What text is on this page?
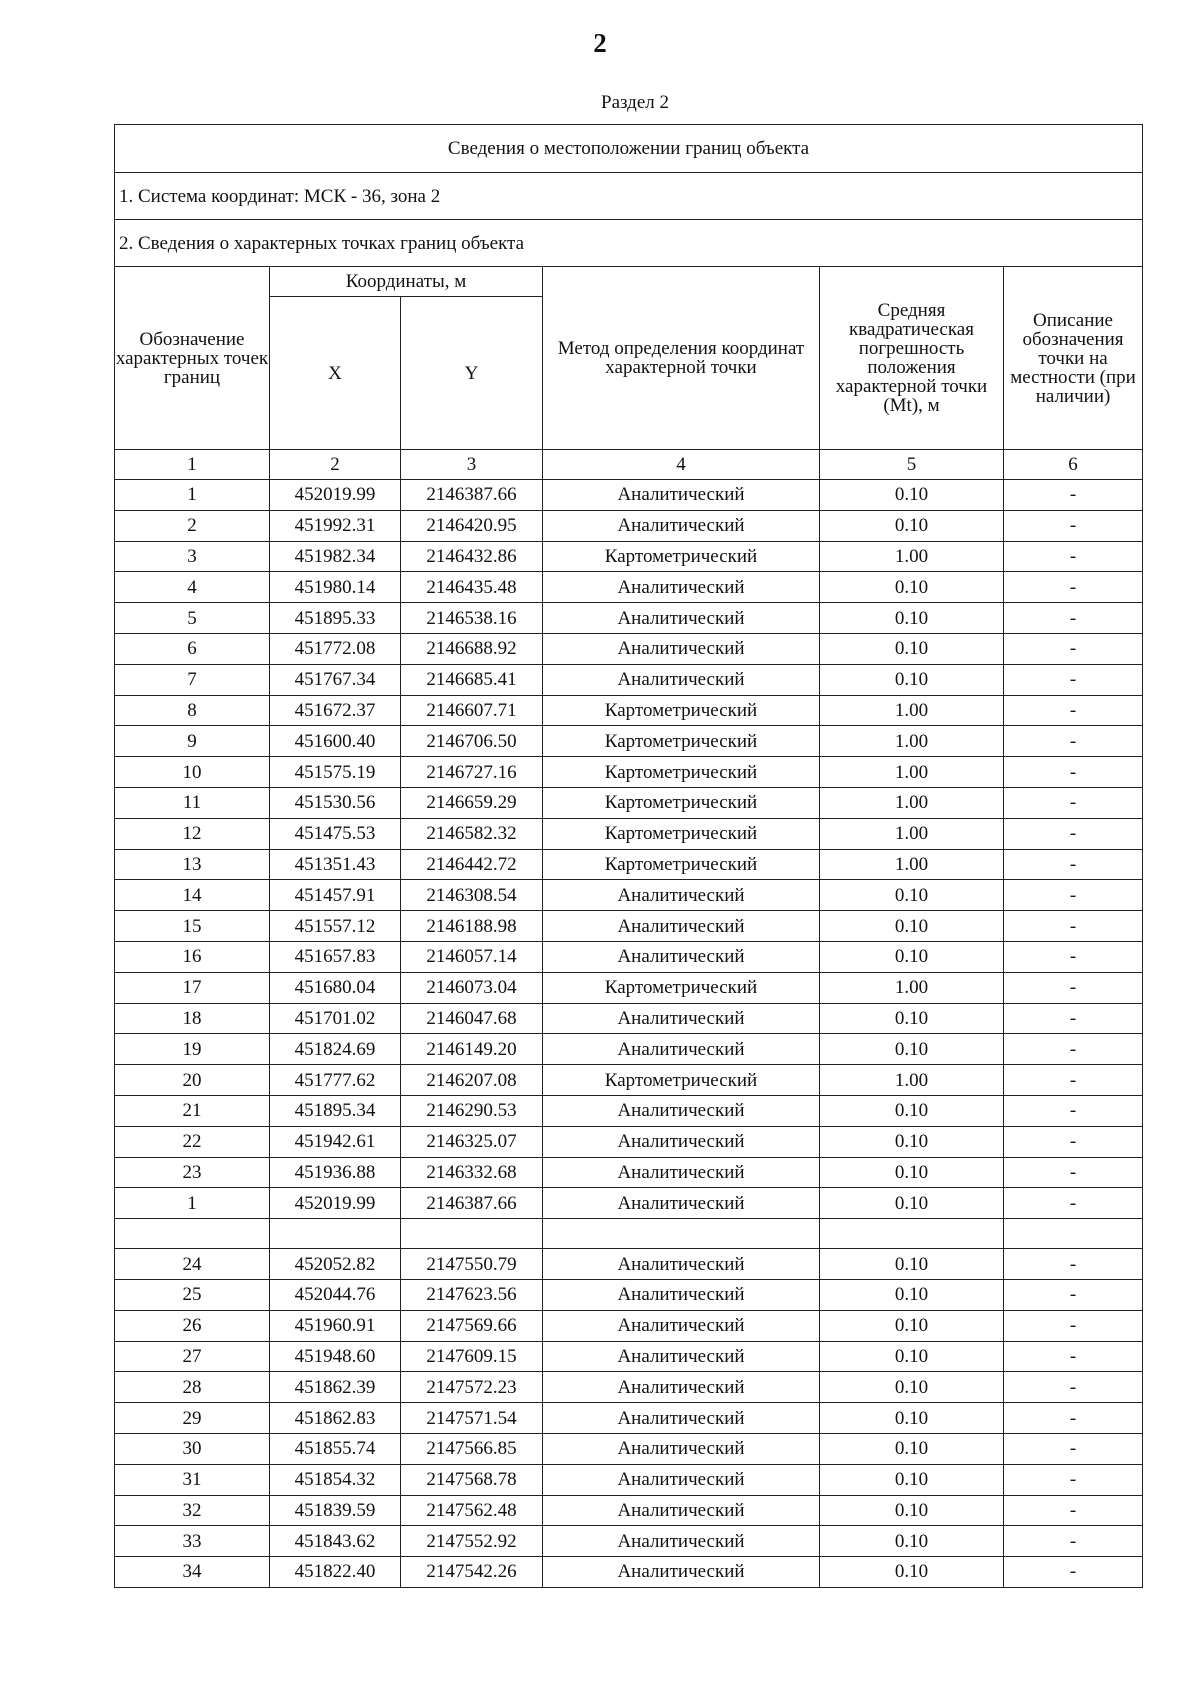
2
Раздел 2
Сведения о местоположении границ объекта					
1. Система координат: МСК - 36, зона 2					
2. Сведения о характерных точках границ объекта					
Обозначение характерных точек границ	Координаты, м		Метод определения координат характерной точки	Средняя квадратическая погрешность положения характерной точки (Mt), м	Описание обозначения точки на местности (при наличии)
	X	Y			
1	2	3	4	5	6
1	452019.99	2146387.66	Аналитический	0.10	-
2	451992.31	2146420.95	Аналитический	0.10	-
3	451982.34	2146432.86	Картометрический	1.00	-
4	451980.14	2146435.48	Аналитический	0.10	-
5	451895.33	2146538.16	Аналитический	0.10	-
6	451772.08	2146688.92	Аналитический	0.10	-
7	451767.34	2146685.41	Аналитический	0.10	-
8	451672.37	2146607.71	Картометрический	1.00	-
9	451600.40	2146706.50	Картометрический	1.00	-
10	451575.19	2146727.16	Картометрический	1.00	-
11	451530.56	2146659.29	Картометрический	1.00	-
12	451475.53	2146582.32	Картометрический	1.00	-
13	451351.43	2146442.72	Картометрический	1.00	-
14	451457.91	2146308.54	Аналитический	0.10	-
15	451557.12	2146188.98	Аналитический	0.10	-
16	451657.83	2146057.14	Аналитический	0.10	-
17	451680.04	2146073.04	Картометрический	1.00	-
18	451701.02	2146047.68	Аналитический	0.10	-
19	451824.69	2146149.20	Аналитический	0.10	-
20	451777.62	2146207.08	Картометрический	1.00	-
21	451895.34	2146290.53	Аналитический	0.10	-
22	451942.61	2146325.07	Аналитический	0.10	-
23	451936.88	2146332.68	Аналитический	0.10	-
1	452019.99	2146387.66	Аналитический	0.10	-

24	452052.82	2147550.79	Аналитический	0.10	-
25	452044.76	2147623.56	Аналитический	0.10	-
26	451960.91	2147569.66	Аналитический	0.10	-
27	451948.60	2147609.15	Аналитический	0.10	-
28	451862.39	2147572.23	Аналитический	0.10	-
29	451862.83	2147571.54	Аналитический	0.10	-
30	451855.74	2147566.85	Аналитический	0.10	-
31	451854.32	2147568.78	Аналитический	0.10	-
32	451839.59	2147562.48	Аналитический	0.10	-
33	451843.62	2147552.92	Аналитический	0.10	-
34	451822.40	2147542.26	Аналитический	0.10	-
